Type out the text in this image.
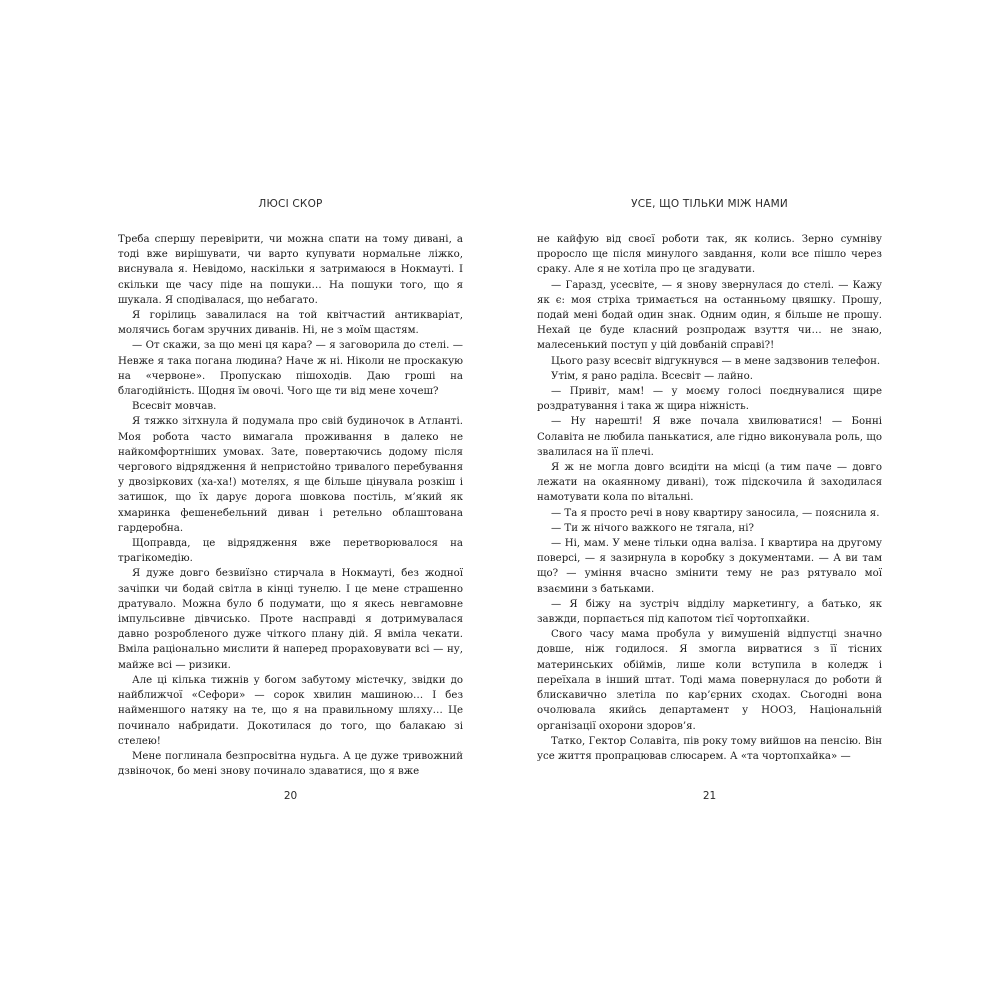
ЛЮСІ СКОР

Треба спершу перевірити, чи можна спати на тому дивані, а тоді вже вирішувати, чи варто купувати нормальне ліжко, виснувала я. Невідомо, наскільки я затримаюся в Нокмауті. І скільки ще часу піде на пошуки… На пошуки того, що я шукала. Я сподівалася, що небагато.

Я горілиць завалилася на той квітчастий антикваріат, молячись богам зручних диванів. Ні, не з моїм щастям.

— От скажи, за що мені ця кара? — я заговорила до стелі. — Невже я така погана людина? Наче ж ні. Ніколи не проскакую на «червоне». Пропускаю пішоходів. Даю гроші на благодійність. Щодня їм овочі. Чого ще ти від мене хочеш?

Всесвіт мовчав.

Я тяжко зітхнула й подумала про свій будиночок в Атланті. Моя робота часто вимагала проживання в далеко не найкомфортніших умовах. Зате, повертаючись додому після чергового відрядження й непристойно тривалого перебування у двозіркових (ха-ха!) мотелях, я ще більше цінувала розкіш і затишок, що їх дарує дорога шовкова постіль, м’який як хмаринка фешенебельний диван і ретельно облаштована гардеробна.

Щоправда, це відрядження вже перетворювалося на трагікомедію.

Я дуже довго безвиїзно стирчала в Нокмауті, без жодної зачіпки чи бодай світла в кінці тунелю. І це мене страшенно дратувало. Можна було б подумати, що я якесь невгамовне імпульсивне дівчисько. Проте насправді я дотримувалася давно розробленого дуже чіткого плану дій. Я вміла чекати. Вміла раціонально мислити й наперед прораховувати всі — ну, майже всі — ризики.

Але ці кілька тижнів у богом забутому містечку, звідки до найближчої «Сефори» — сорок хвилин машиною… І без найменшого натяку на те, що я на правильному шляху… Це починало набридати. Докотилася до того, що балакаю зі стелею!

Мене поглинала безпросвітна нудьга. А це дуже тривожний дзвіночок, бо мені знову починало здаватися, що я вже

20
УСЕ, ЩО ТІЛЬКИ МІЖ НАМИ

не кайфую від своєї роботи так, як колись. Зерно сумніву проросло ще після минулого завдання, коли все пішло через сраку. Але я не хотіла про це згадувати.

— Гаразд, усесвіте, — я знову звернулася до стелі. — Кажу як є: моя стріха тримається на останньому цвяшку. Прошу, подай мені бодай один знак. Одним один, я більше не прошу. Нехай це буде класний розпродаж взуття чи… не знаю, малесенький поступ у цій довбаній справі?!

Цього разу всесвіт відгукнувся — в мене задзвонив телефон.

Утім, я рано раділа. Всесвіт — лайно.

— Привіт, мам! — у моєму голосі поєднувалися щире роздратування і така ж щира ніжність.

— Ну нарешті! Я вже почала хвилюватися! — Бонні Солавіта не любила панькатися, але гідно виконувала роль, що звалилася на її плечі.

Я ж не могла довго всидіти на місці (а тим паче — довго лежати на окаянному дивані), тож підскочила й заходилася намотувати кола по вітальні.

— Та я просто речі в нову квартиру заносила, — пояснила я.

— Ти ж нічого важкого не тягала, ні?

— Ні, мам. У мене тільки одна валіза. І квартира на другому поверсі, — я зазирнула в коробку з документами. — А ви там що? — уміння вчасно змінити тему не раз рятувало мої взаємини з батьками.

— Я біжу на зустріч відділу маркетингу, а батько, як завжди, порпається під капотом тієї чортопхайки.

Свого часу мама пробула у вимушеній відпустці значно довше, ніж годилося. Я змогла вирватися з її тісних материнських обіймів, лише коли вступила в коледж і переїхала в інший штат. Тоді мама повернулася до роботи й блискавично злетіла по кар’єрних сходах. Сьогодні вона очолювала якийсь департамент у НООЗ, Національній організації охорони здоров’я.

Татко, Гектор Солавіта, пів року тому вийшов на пенсію. Він усе життя пропрацював слюсарем. А «та чортопхайка» —

21
